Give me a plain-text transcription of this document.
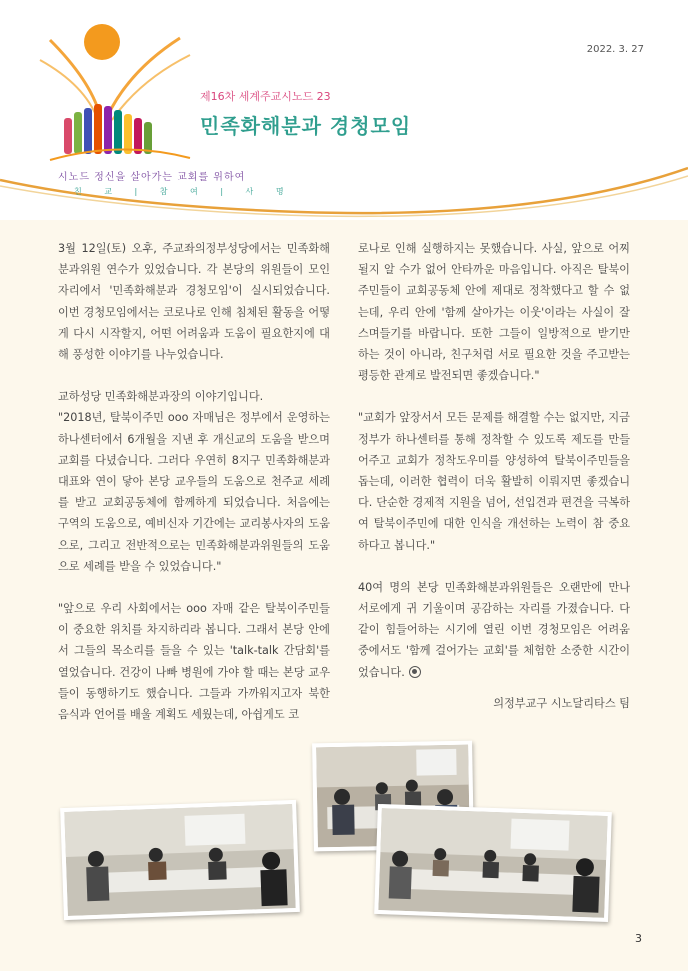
2022. 3. 27
제16차 세계주교시노드 23
민족화해분과 경청모임
시노드 정신을 살아가는 교회를 위하여
친 교 | 참 여 | 사 명

3월 12일(토) 오후, 주교좌의정부성당에서는 민족화해분과위원 연수가 있었습니다. 각 본당의 위원들이 모인 자리에서 '민족화해분과 경청모임'이 실시되었습니다. 이번 경청모임에서는 코로나로 인해 침체된 활동을 어떻게 다시 시작할지, 어떤 어려움과 도움이 필요한지에 대해 풍성한 이야기를 나누었습니다.

교하성당 민족화해분과장의 이야기입니다.

"2018년, 탈북이주민 ooo 자매님은 정부에서 운영하는 하나센터에서 6개월을 지낸 후 개신교의 도움을 받으며 교회를 다녔습니다. 그러다 우연히 8지구 민족화해분과 대표와 연이 닿아 본당 교우들의 도움으로 천주교 세례를 받고 교회공동체에 함께하게 되었습니다. 처음에는 구역의 도움으로, 예비신자 기간에는 교리봉사자의 도움으로, 그리고 전반적으로는 민족화해분과위원들의 도움으로 세례를 받을 수 있었습니다."

"앞으로 우리 사회에서는 ooo 자매 같은 탈북이주민들이 중요한 위치를 차지하리라 봅니다. 그래서 본당 안에서 그들의 목소리를 들을 수 있는 'talk-talk 간담회'를 열었습니다. 건강이 나빠 병원에 가야 할 때는 본당 교우들이 동행하기도 했습니다. 그들과 가까워지고자 북한 음식과 언어를 배울 계획도 세웠는데, 아쉽게도 코

로나로 인해 실행하지는 못했습니다. 사실, 앞으로 어찌 될지 알 수가 없어 안타까운 마음입니다. 아직은 탈북이주민들이 교회공동체 안에 제대로 정착했다고 할 수 없는데, 우리 안에 '함께 살아가는 이웃'이라는 사실이 잘 스며들기를 바랍니다. 또한 그들이 일방적으로 받기만 하는 것이 아니라, 친구처럼 서로 필요한 것을 주고받는 평등한 관계로 발전되면 좋겠습니다."

"교회가 앞장서서 모든 문제를 해결할 수는 없지만, 지금 정부가 하나센터를 통해 정착할 수 있도록 제도를 만들어주고 교회가 정착도우미를 양성하여 탈북이주민들을 돕는데, 이러한 협력이 더욱 활발히 이뤄지면 좋겠습니다. 단순한 경제적 지원을 넘어, 선입견과 편견을 극복하여 탈북이주민에 대한 인식을 개선하는 노력이 참 중요하다고 봅니다."

40여 명의 본당 민족화해분과위원들은 오랜만에 만나 서로에게 귀 기울이며 공감하는 자리를 가졌습니다. 다같이 힘들어하는 시기에 열린 이번 경청모임은 어려움 중에서도 '함께 걸어가는 교회'를 체험한 소중한 시간이었습니다.

의정부교구 시노달리타스 팀

3
